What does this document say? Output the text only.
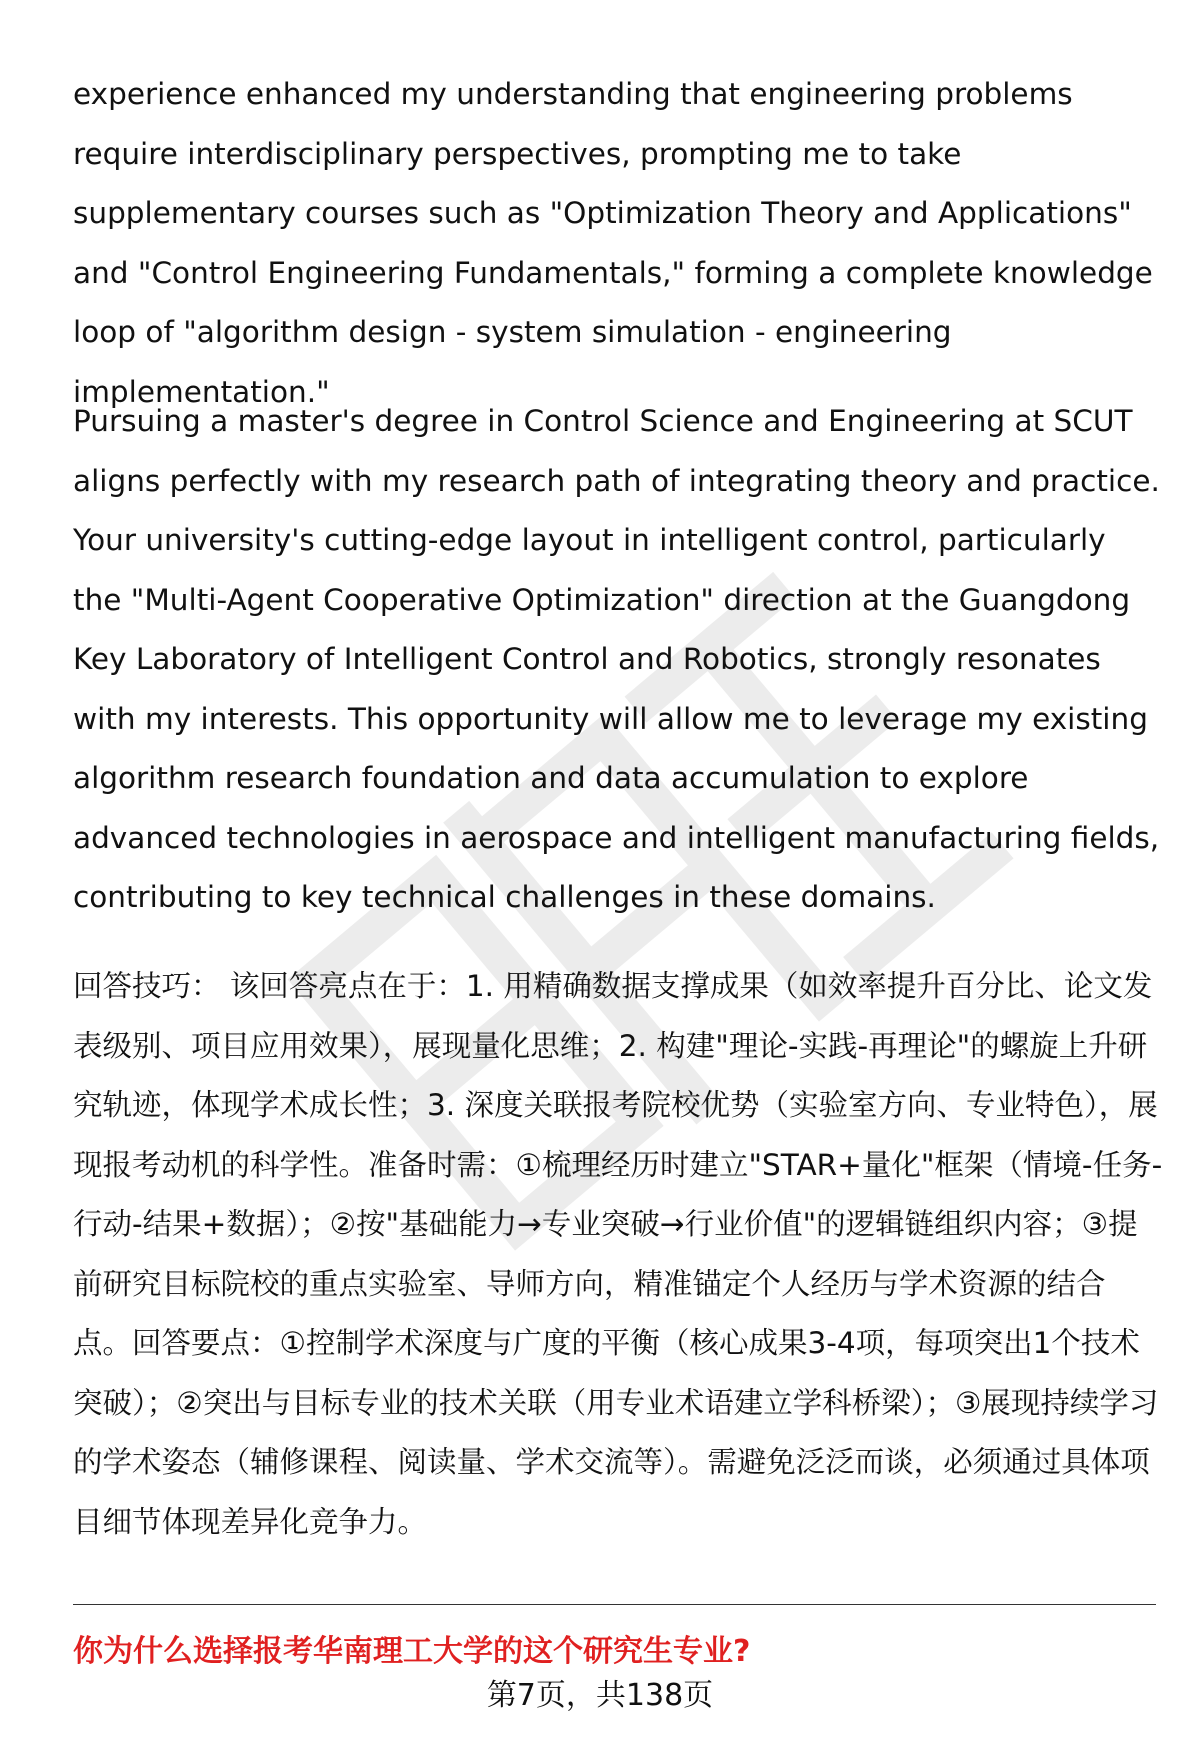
experience enhanced my understanding that engineering problems require interdisciplinary perspectives, prompting me to take supplementary courses such as "Optimization Theory and Applications" and "Control Engineering Fundamentals," forming a complete knowledge loop of "algorithm design - system simulation - engineering implementation."

Pursuing a master's degree in Control Science and Engineering at SCUT aligns perfectly with my research path of integrating theory and practice. Your university's cutting-edge layout in intelligent control, particularly the "Multi-Agent Cooperative Optimization" direction at the Guangdong Key Laboratory of Intelligent Control and Robotics, strongly resonates with my interests. This opportunity will allow me to leverage my existing algorithm research foundation and data accumulation to explore advanced technologies in aerospace and intelligent manufacturing fields, contributing to key technical challenges in these domains.

回答技巧： 该回答亮点在于：1. 用精确数据支撑成果（如效率提升百分比、论文发表级别、项目应用效果），展现量化思维；2. 构建"理论-实践-再理论"的螺旋上升研究轨迹，体现学术成长性；3. 深度关联报考院校优势（实验室方向、专业特色），展现报考动机的科学性。准备时需：①梳理经历时建立"STAR+量化"框架（情境-任务-行动-结果+数据）；②按"基础能力→专业突破→行业价值"的逻辑链组织内容；③提前研究目标院校的重点实验室、导师方向，精准锚定个人经历与学术资源的结合点。回答要点：①控制学术深度与广度的平衡（核心成果3-4项，每项突出1个技术突破）；②突出与目标专业的技术关联（用专业术语建立学科桥梁）；③展现持续学习的学术姿态（辅修课程、阅读量、学术交流等）。需避免泛泛而谈，必须通过具体项目细节体现差异化竞争力。

你为什么选择报考华南理工大学的这个研究生专业?

第7页，共138页
